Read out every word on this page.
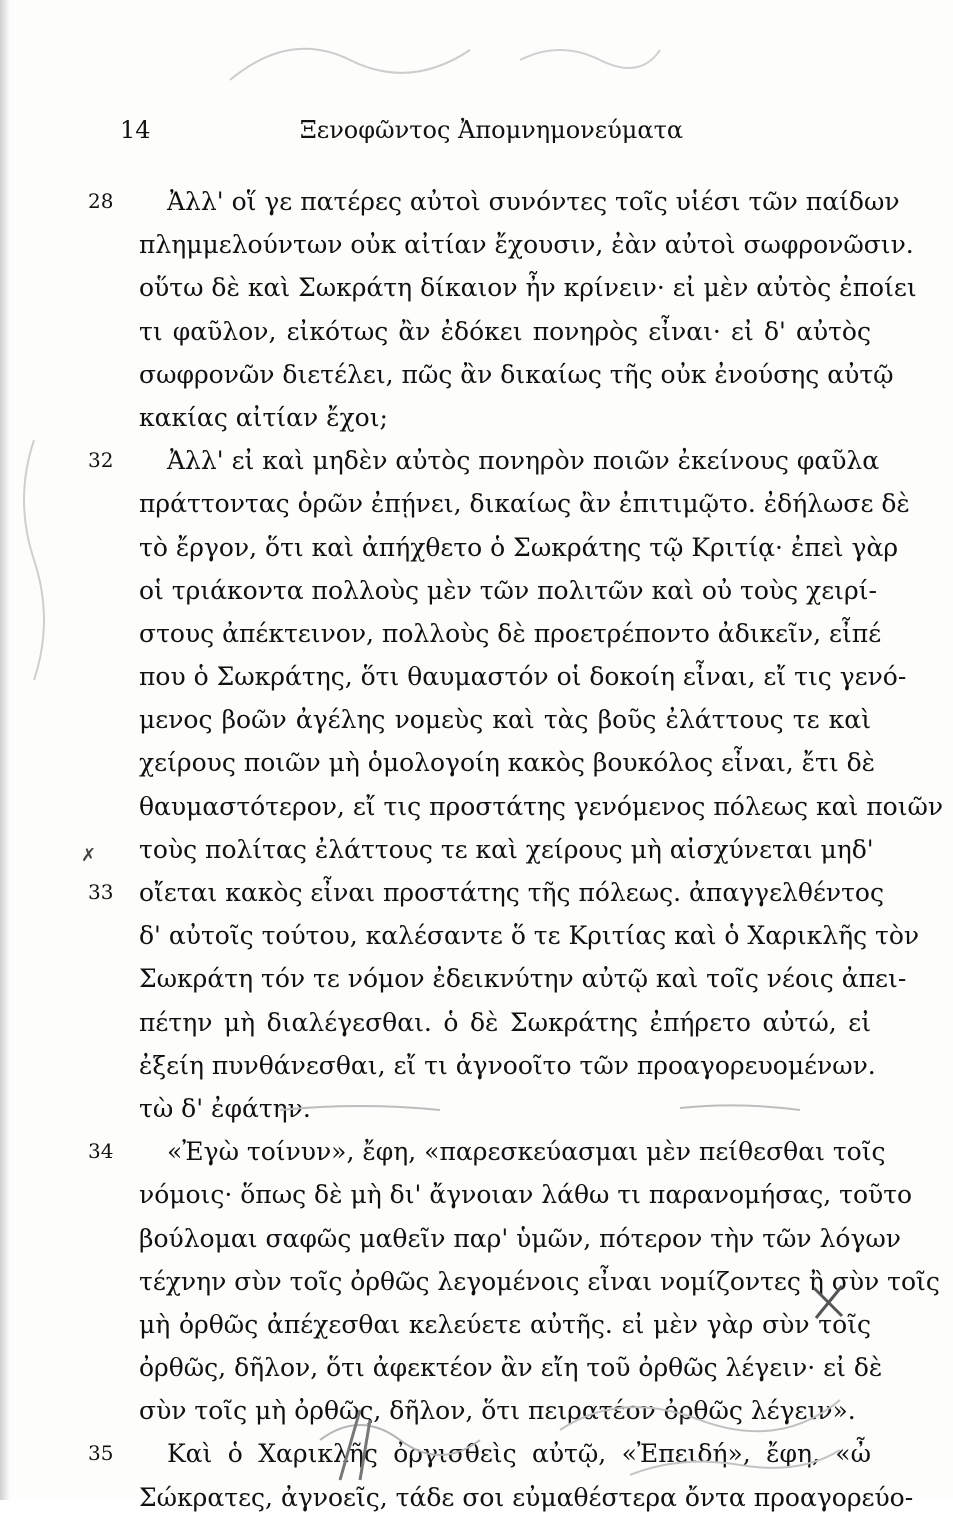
14	Ξενοφῶντος Ἀπομνημονεύματα
28 Ἀλλ' οἵ γε πατέρες αὐτοὶ συνόντες τοῖς υἱέσι τῶν παίδων
πλημμελούντων οὐκ αἰτίαν ἔχουσιν, ἐὰν αὐτοὶ σωφρονῶσιν.
οὕτω δὲ καὶ Σωκράτη δίκαιον ἦν κρίνειν· εἰ μὲν αὐτὸς ἐποίει
τι φαῦλον, εἰκότως ἂν ἐδόκει πονηρὸς εἶναι· εἰ δ' αὐτὸς
σωφρονῶν διετέλει, πῶς ἂν δικαίως τῆς οὐκ ἐνούσης αὐτῷ
κακίας αἰτίαν ἔχοι;
32 Ἀλλ' εἰ καὶ μηδὲν αὐτὸς πονηρὸν ποιῶν ἐκείνους φαῦλα
πράττοντας ὁρῶν ἐπῄνει, δικαίως ἂν ἐπιτιμῷτο. ἐδήλωσε δὲ
τὸ ἔργον, ὅτι καὶ ἀπήχθετο ὁ Σωκράτης τῷ Κριτίᾳ· ἐπεὶ γὰρ
οἱ τριάκοντα πολλοὺς μὲν τῶν πολιτῶν καὶ οὐ τοὺς χειρί-
στους ἀπέκτεινον, πολλοὺς δὲ προετρέποντο ἀδικεῖν, εἶπέ
που ὁ Σωκράτης, ὅτι θαυμαστόν οἱ δοκοίη εἶναι, εἴ τις γενό-
μενος βοῶν ἀγέλης νομεὺς καὶ τὰς βοῦς ἐλάττους τε καὶ
χείρους ποιῶν μὴ ὁμολογοίη κακὸς βουκόλος εἶναι, ἔτι δὲ
θαυμαστότερον, εἴ τις προστάτης γενόμενος πόλεως καὶ ποιῶν
✗ τοὺς πολίτας ἐλάττους τε καὶ χείρους μὴ αἰσχύνεται μηδ'
33 οἴεται κακὸς εἶναι προστάτης τῆς πόλεως. ἀπαγγελθέντος
δ' αὐτοῖς τούτου, καλέσαντε ὅ τε Κριτίας καὶ ὁ Χαρικλῆς τὸν
Σωκράτη τόν τε νόμον ἐδεικνύτην αὐτῷ καὶ τοῖς νέοις ἀπει-
πέτην μὴ διαλέγεσθαι. ὁ δὲ Σωκράτης ἐπήρετο αὐτώ, εἰ
ἐξείη πυνθάνεσθαι, εἴ τι ἀγνοοῖτο τῶν προαγορευομένων.
τὼ δ' ἐφάτην.
34 «Ἐγὼ τοίνυν», ἔφη, «παρεσκεύασμαι μὲν πείθεσθαι τοῖς
νόμοις· ὅπως δὲ μὴ δι' ἄγνοιαν λάθω τι παρανομήσας, τοῦτο
βούλομαι σαφῶς μαθεῖν παρ' ὑμῶν, πότερον τὴν τῶν λόγων
τέχνην σὺν τοῖς ὀρθῶς λεγομένοις εἶναι νομίζοντες ἢ σὺν τοῖς
μὴ ὀρθῶς ἀπέχεσθαι κελεύετε αὐτῆς. εἰ μὲν γὰρ σὺν τοῖς
ὀρθῶς, δῆλον, ὅτι ἀφεκτέον ἂν εἴη τοῦ ὀρθῶς λέγειν· εἰ δὲ
σὺν τοῖς μὴ ὀρθῶς, δῆλον, ὅτι πειρατέον ὀρθῶς λέγειν».
35 Καὶ ὁ Χαρικλῆς ὀργισθεὶς αὐτῷ, «Ἐπειδή», ἔφη, «ὦ
Σώκρατες, ἀγνοεῖς, τάδε σοι εὐμαθέστερα ὄντα προαγορεύο-
